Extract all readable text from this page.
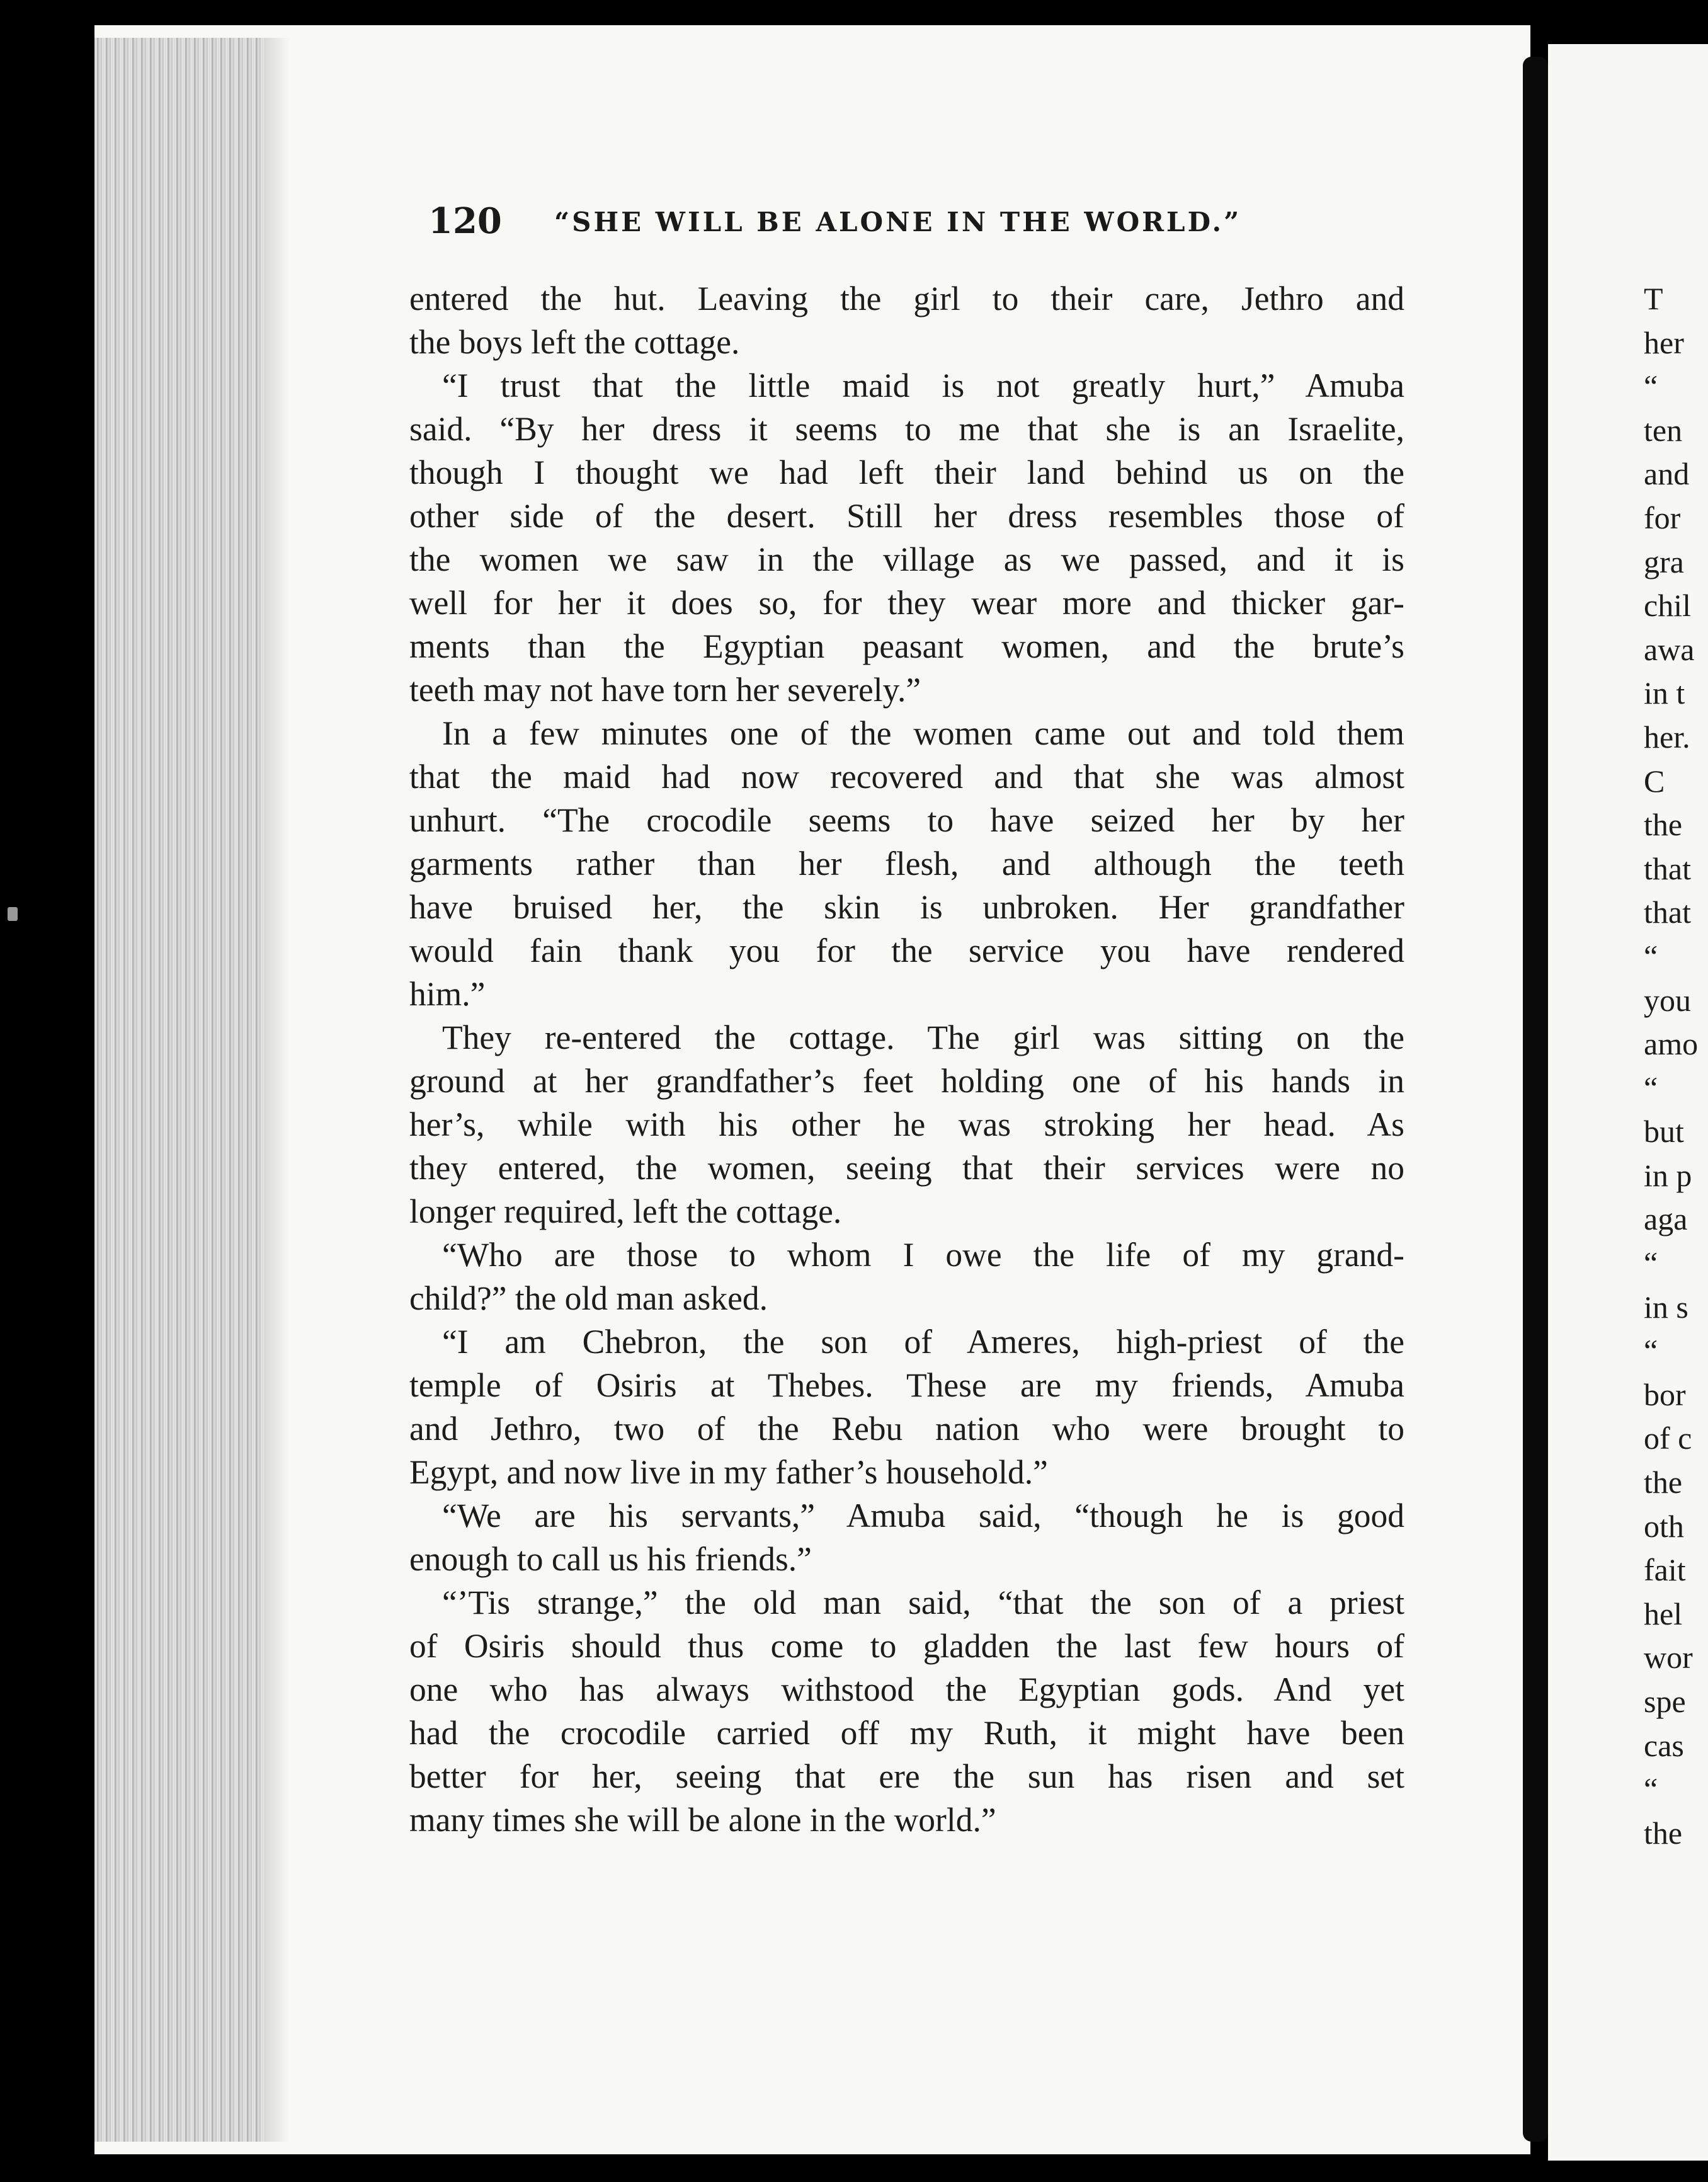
120 “SHE WILL BE ALONE IN THE WORLD.”
entered the hut. Leaving the girl to their care, Jethro and
the boys left the cottage.
“I trust that the little maid is not greatly hurt,” Amuba
said. “By her dress it seems to me that she is an Israelite,
though I thought we had left their land behind us on the
other side of the desert. Still her dress resembles those of
the women we saw in the village as we passed, and it is
well for her it does so, for they wear more and thicker gar-
ments than the Egyptian peasant women, and the brute’s
teeth may not have torn her severely.”
In a few minutes one of the women came out and told them
that the maid had now recovered and that she was almost
unhurt. “The crocodile seems to have seized her by her
garments rather than her flesh, and although the teeth
have bruised her, the skin is unbroken. Her grandfather
would fain thank you for the service you have rendered
him.”
They re-entered the cottage. The girl was sitting on the
ground at her grandfather’s feet holding one of his hands in
her’s, while with his other he was stroking her head. As
they entered, the women, seeing that their services were no
longer required, left the cottage.
“Who are those to whom I owe the life of my grand-
child?” the old man asked.
“I am Chebron, the son of Ameres, high-priest of the
temple of Osiris at Thebes. These are my friends, Amuba
and Jethro, two of the Rebu nation who were brought to
Egypt, and now live in my father’s household.”
“We are his servants,” Amuba said, “though he is good
enough to call us his friends.”
“’Tis strange,” the old man said, “that the son of a priest
of Osiris should thus come to gladden the last few hours of
one who has always withstood the Egyptian gods. And yet
had the crocodile carried off my Ruth, it might have been
better for her, seeing that ere the sun has risen and set
many times she will be alone in the world.”
T
her
“
ten
and
for
gra
chil
awa
in t
her.
C
the
that
that
“
you
amo
“
but
in p
aga
“
in s
“
bor
of c
the
oth
fait
hel
wor
spe
cas
“
the
